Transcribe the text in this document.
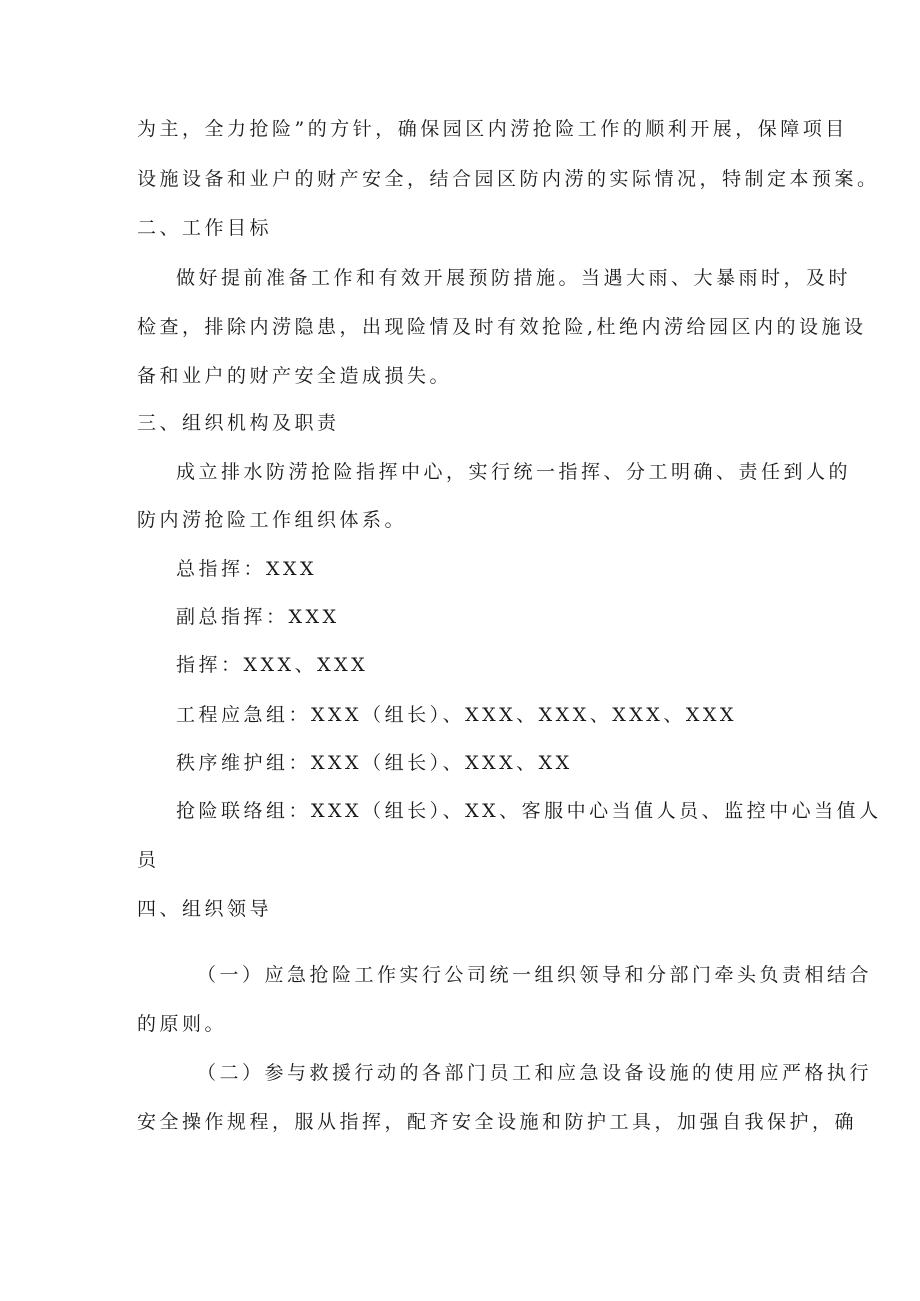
为主，全力抢险”的方针，确保园区内涝抢险工作的顺利开展，保障项目
设施设备和业户的财产安全，结合园区防内涝的实际情况，特制定本预案。
二、工作目标
做好提前准备工作和有效开展预防措施。当遇大雨、大暴雨时，及时
检查，排除内涝隐患，出现险情及时有效抢险,杜绝内涝给园区内的设施设
备和业户的财产安全造成损失。
三、组织机构及职责
成立排水防涝抢险指挥中心，实行统一指挥、分工明确、责任到人的
防内涝抢险工作组织体系。
总指挥：XXX
副总指挥：XXX
指挥：XXX、XXX
工程应急组：XXX（组长）、XXX、XXX、XXX、XXX
秩序维护组：XXX（组长）、XXX、XX
抢险联络组：XXX（组长）、XX、客服中心当值人员、监控中心当值人
员
四、组织领导
（一）应急抢险工作实行公司统一组织领导和分部门牵头负责相结合
的原则。
（二）参与救援行动的各部门员工和应急设备设施的使用应严格执行
安全操作规程，服从指挥，配齐安全设施和防护工具，加强自我保护，确
